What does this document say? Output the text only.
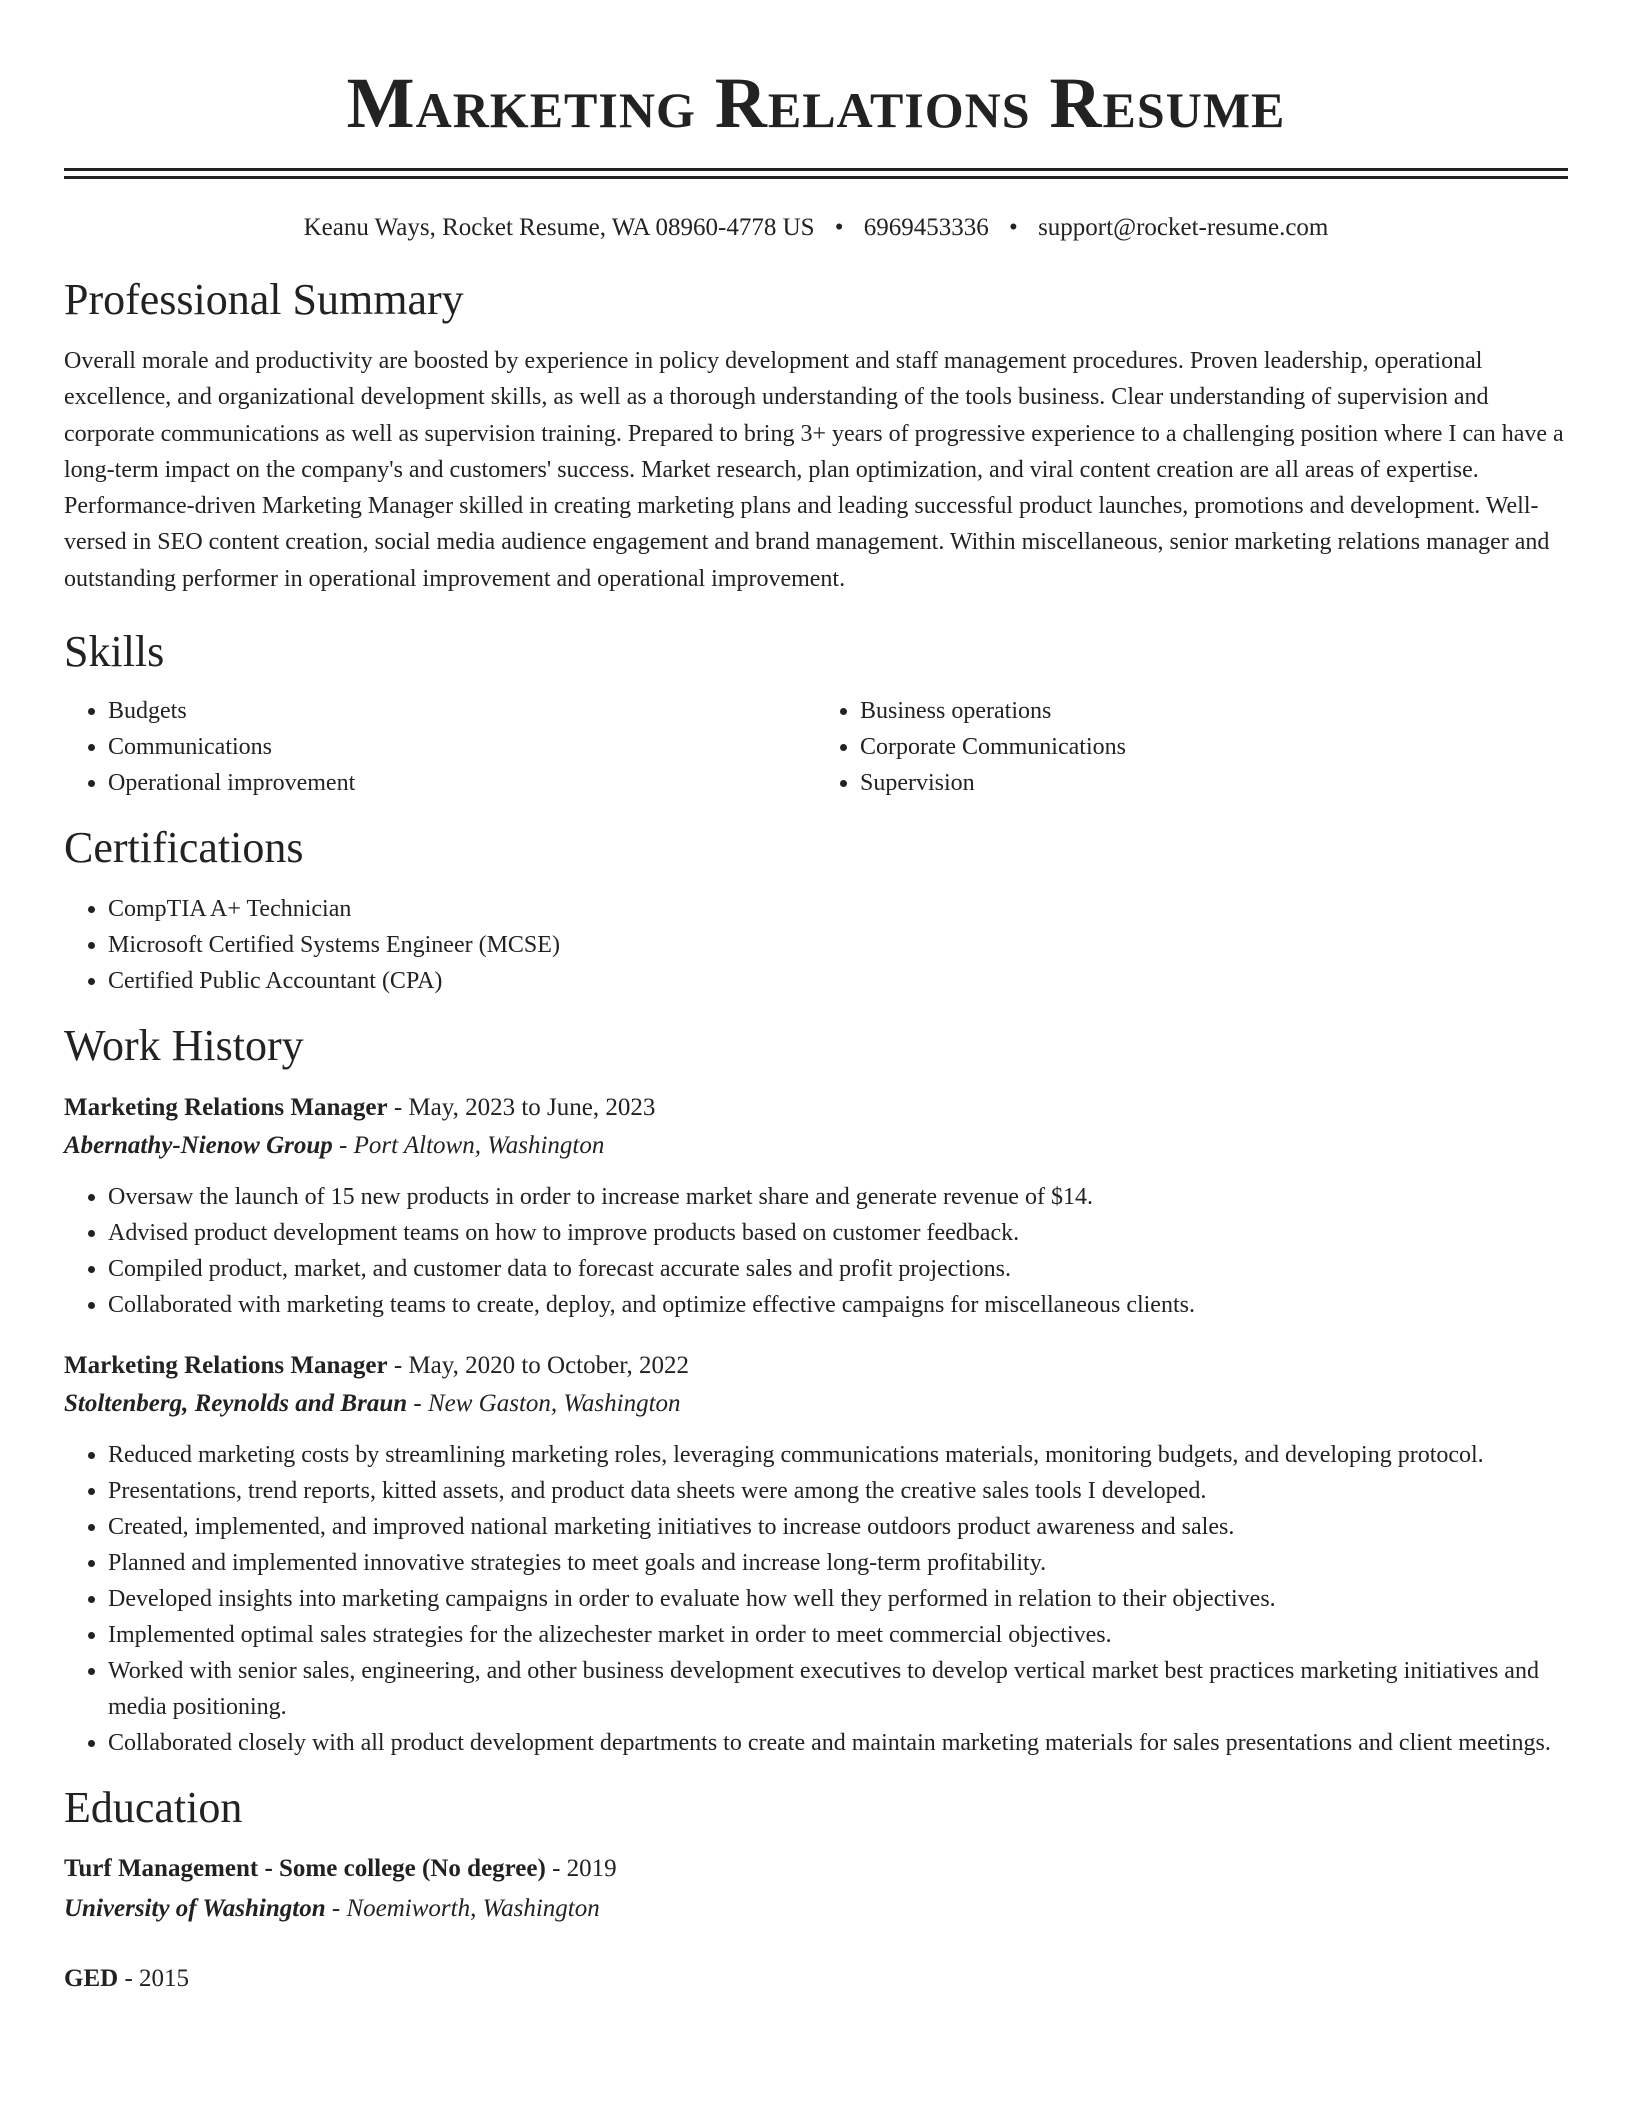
Marketing Relations Resume
Keanu Ways, Rocket Resume, WA 08960-4778 US • 6969453336 • support@rocket-resume.com
Professional Summary

Overall morale and productivity are boosted by experience in policy development and staff management procedures. Proven leadership, operational excellence, and organizational development skills, as well as a thorough understanding of the tools business. Clear understanding of supervision and corporate communications as well as supervision training. Prepared to bring 3+ years of progressive experience to a challenging position where I can have a long-term impact on the company's and customers' success. Market research, plan optimization, and viral content creation are all areas of expertise. Performance-driven Marketing Manager skilled in creating marketing plans and leading successful product launches, promotions and development. Well-versed in SEO content creation, social media audience engagement and brand management. Within miscellaneous, senior marketing relations manager and outstanding performer in operational improvement and operational improvement.

Skills
• Budgets
• Communications
• Operational improvement
• Business operations
• Corporate Communications
• Supervision
Certifications
• CompTIA A+ Technician
• Microsoft Certified Systems Engineer (MCSE)
• Certified Public Accountant (CPA)
Work History
Marketing Relations Manager - May, 2023 to June, 2023
Abernathy-Nienow Group - Port Altown, Washington
• Oversaw the launch of 15 new products in order to increase market share and generate revenue of $14.
• Advised product development teams on how to improve products based on customer feedback.
• Compiled product, market, and customer data to forecast accurate sales and profit projections.
• Collaborated with marketing teams to create, deploy, and optimize effective campaigns for miscellaneous clients.
Marketing Relations Manager - May, 2020 to October, 2022
Stoltenberg, Reynolds and Braun - New Gaston, Washington
• Reduced marketing costs by streamlining marketing roles, leveraging communications materials, monitoring budgets, and developing protocol.
• Presentations, trend reports, kitted assets, and product data sheets were among the creative sales tools I developed.
• Created, implemented, and improved national marketing initiatives to increase outdoors product awareness and sales.
• Planned and implemented innovative strategies to meet goals and increase long-term profitability.
• Developed insights into marketing campaigns in order to evaluate how well they performed in relation to their objectives.
• Implemented optimal sales strategies for the alizechester market in order to meet commercial objectives.
• Worked with senior sales, engineering, and other business development executives to develop vertical market best practices marketing initiatives and media positioning.
• Collaborated closely with all product development departments to create and maintain marketing materials for sales presentations and client meetings.
Education
Turf Management - Some college (No degree) - 2019
University of Washington - Noemiworth, Washington
GED - 2015
